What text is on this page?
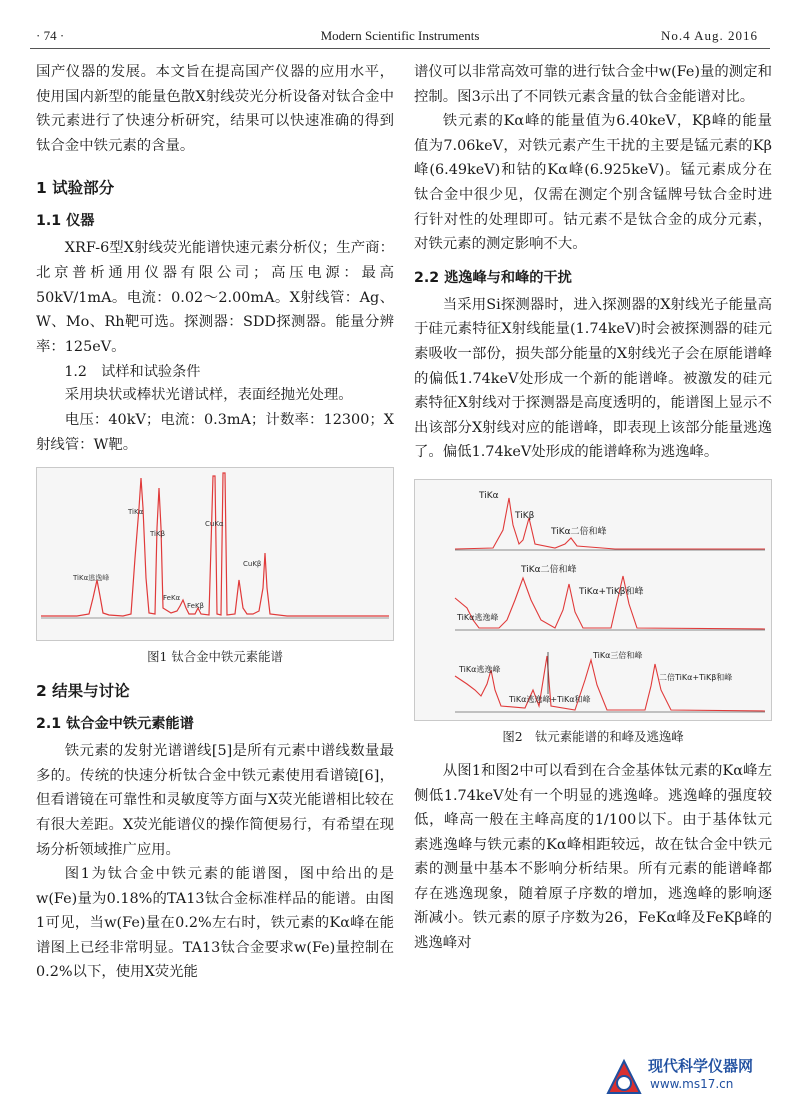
· 74 ·	Modern Scientific Instruments	No.4 Aug. 2016

国产仪器的发展。本文旨在提高国产仪器的应用水平，使用国内新型的能量色散X射线荧光分析设备对钛合金中铁元素进行了快速分析研究，结果可以快速准确的得到钛合金中铁元素的含量。

1 试验部分
1.1 仪器

XRF-6型X射线荧光能谱快速元素分析仪；生产商：北京普析通用仪器有限公司；高压电源：最高50kV/1mA。电流：0.02～2.00mA。X射线管：Ag、W、Mo、Rh靶可选。探测器：SDD探测器。能量分辨率：125eV。

1.2　试样和试验条件

采用块状或棒状光谱试样，表面经抛光处理。

电压：40kV；电流：0.3mA；计数率：12300；X射线管：W靶。

TiKα
TiKβ
CuKα
CuKβ
TiKα逃逸峰
FeKα
FeKβ
图1 钛合金中铁元素能谱
2 结果与讨论
2.1 钛合金中铁元素能谱

铁元素的发射光谱谱线[5]是所有元素中谱线数量最多的。传统的快速分析钛合金中铁元素使用看谱镜[6]，但看谱镜在可靠性和灵敏度等方面与X荧光能谱相比较在有很大差距。X荧光能谱仪的操作简便易行，有希望在现场分析领域推广应用。

图1为钛合金中铁元素的能谱图，图中给出的是w(Fe)量为0.18%的TA13钛合金标准样品的能谱。由图1可见，当w(Fe)量在0.2%左右时，铁元素的Kα峰在能谱图上已经非常明显。TA13钛合金要求w(Fe)量控制在0.2%以下，使用X荧光能

谱仪可以非常高效可靠的进行钛合金中w(Fe)量的测定和控制。图3示出了不同铁元素含量的钛合金能谱对比。

铁元素的Kα峰的能量值为6.40keV，Kβ峰的能量值为7.06keV，对铁元素产生干扰的主要是锰元素的Kβ峰(6.49keV)和钴的Kα峰(6.925keV)。锰元素成分在钛合金中很少见，仅需在测定个别含锰牌号钛合金时进行针对性的处理即可。钴元素不是钛合金的成分元素，对铁元素的测定影响不大。

2.2 逃逸峰与和峰的干扰

当采用Si探测器时，进入探测器的X射线光子能量高于硅元素特征X射线能量(1.74keV)时会被探测器的硅元素吸收一部份，损失部分能量的X射线光子会在原能谱峰的偏低1.74keV处形成一个新的能谱峰。被激发的硅元素特征X射线对于探测器是高度透明的，能谱图上显示不出该部分X射线对应的能谱峰，即表现上该部分能量逃逸了。偏低1.74keV处形成的能谱峰称为逃逸峰。

TiKα
TiKβ
TiKα二倍和峰
TiKα二倍和峰
TiKα+TiKβ和峰
TiKα逃逸峰
TiKα逃逸峰
TiKα三倍和峰
二倍TiKα+TiKβ和峰
TiKα逃逸峰+TiKα和峰
图2　钛元素能谱的和峰及逃逸峰

从图1和图2中可以看到在合金基体钛元素的Kα峰左侧低1.74keV处有一个明显的逃逸峰。逃逸峰的强度较低，峰高一般在主峰高度的1/100以下。由于基体钛元素逃逸峰与铁元素的Kα峰相距较远，故在钛合金中铁元素的测量中基本不影响分析结果。所有元素的能谱峰都存在逃逸现象，随着原子序数的增加，逃逸峰的影响逐渐减小。铁元素的原子序数为26，FeKα峰及FeKβ峰的逃逸峰对

现代科学仪器网
www.ms17.cn
